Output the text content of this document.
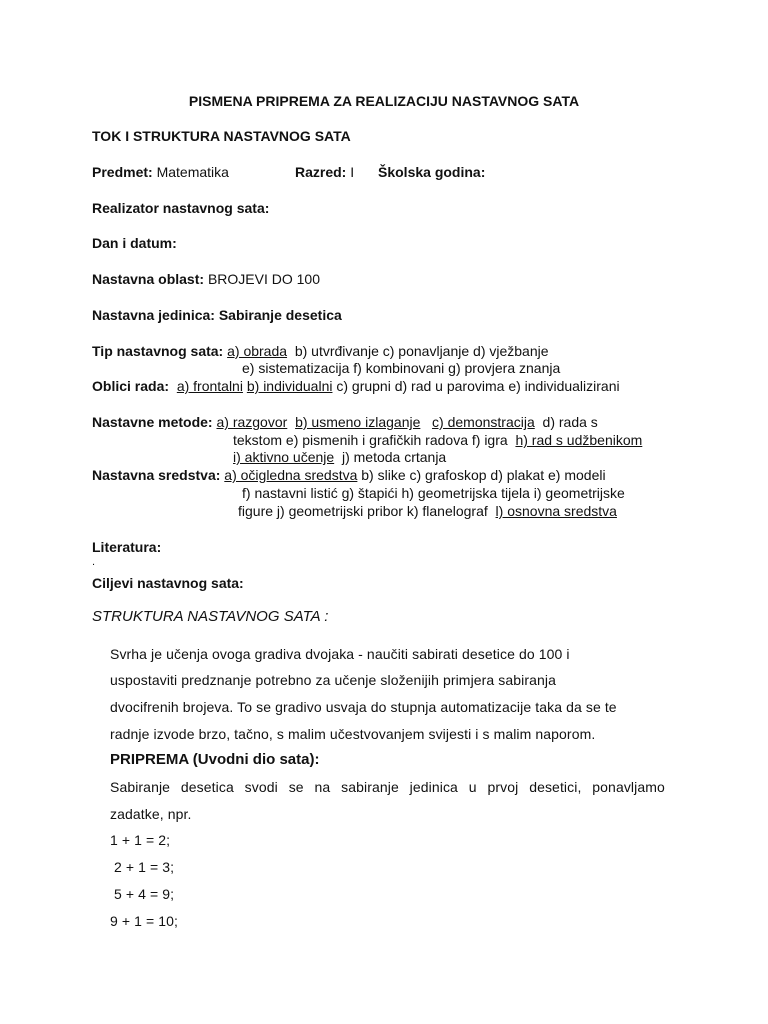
PISMENA PRIPREMA ZA REALIZACIJU NASTAVNOG SATA
TOK I STRUKTURA NASTAVNOG SATA
Predmet: Matematika	Razred: I Školska godina:
Realizator nastavnog sata:
Dan i datum:
Nastavna oblast: BROJEVI DO 100
Nastavna jedinica: Sabiranje desetica
Tip nastavnog sata: a) obrada b) utvrđivanje c) ponavljanje d) vježbanje
e) sistematizacija f) kombinovani g) provjera znanja
Oblici rada: a) frontalni b) individualni c) grupni d) rad u parovima e) individualizirani
Nastavne metode: a) razgovor b) usmeno izlaganje c) demonstracija d) rada s
tekstom e) pismenih i grafičkih radova f) igra h) rad s udžbenikom
i) aktivno učenje j) metoda crtanja
Nastavna sredstva: a) očigledna sredstva b) slike c) grafoskop d) plakat e) modeli
f) nastavni listić g) štapići h) geometrijska tijela i) geometrijske
figure j) geometrijski pribor k) flanelograf l) osnovna sredstva
Literatura:
.
Ciljevi nastavnog sata:
STRUKTURA NASTAVNOG SATA :
Svrha je učenja ovoga gradiva dvojaka - naučiti sabirati desetice do 100 i
uspostaviti predznanje potrebno za učenje složenijih primjera sabiranja
dvocifrenih brojeva. To se gradivo usvaja do stupnja automatizacije taka da se te
radnje izvode brzo, tačno, s malim učestvovanjem svijesti i s malim naporom.
PRIPREMA (Uvodni dio sata):
Sabiranje desetica svodi se na sabiranje jedinica u prvoj desetici, ponavljamo
zadatke, npr.
1 + 1 = 2;
2 + 1 = 3;
5 + 4 = 9;
9 + 1 = 10;
